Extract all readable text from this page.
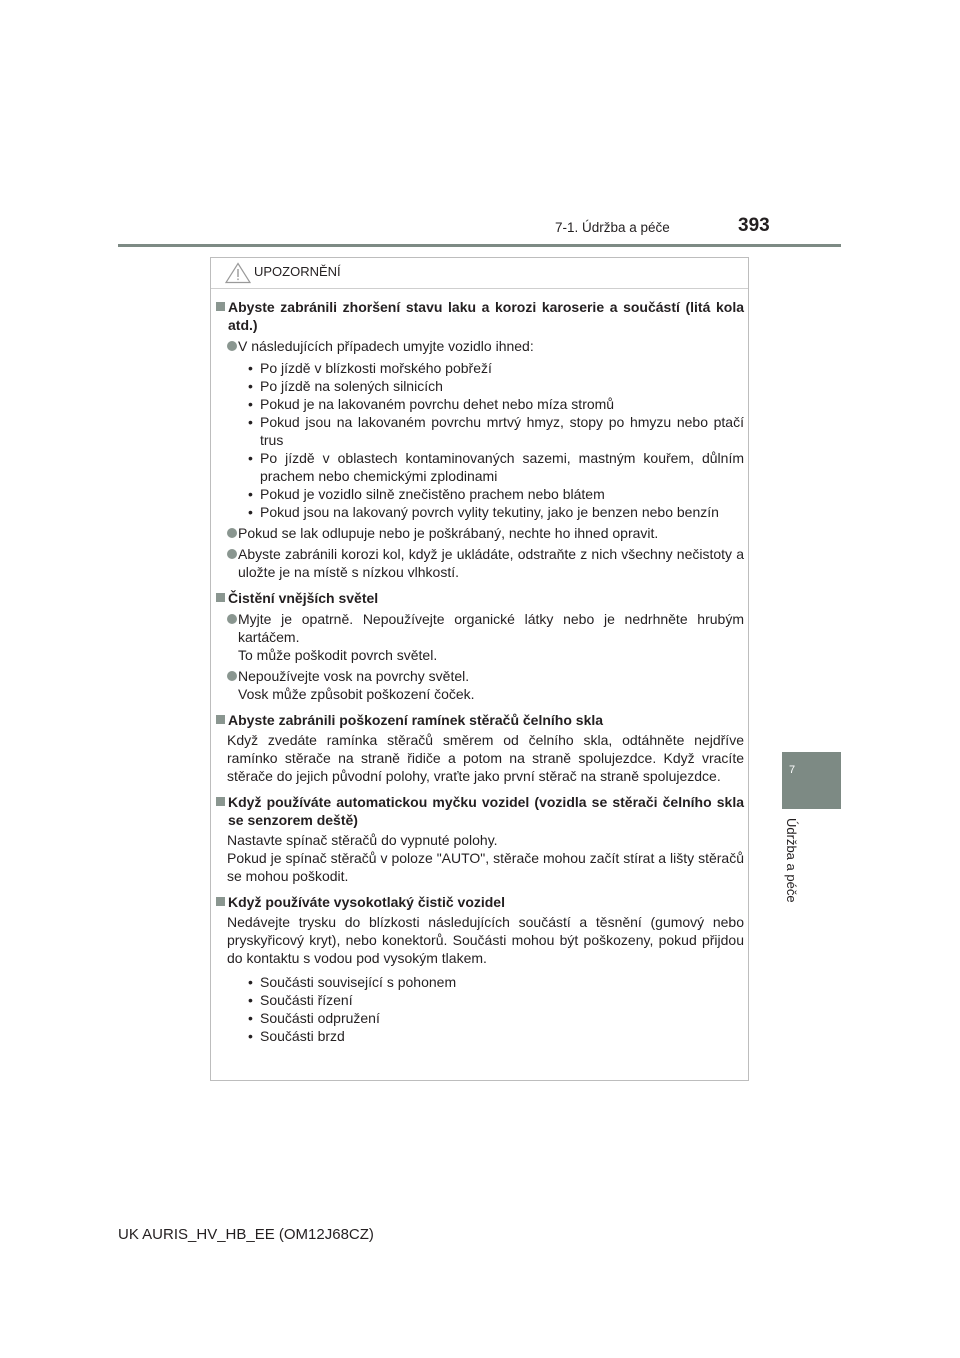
7-1. Údržba a péče	393
7
Údržba a péče
UPOZORNĚNÍ
Abyste zabránili zhoršení stavu laku a korozi karoserie a součástí (litá kola atd.)
V následujících případech umyjte vozidlo ihned:
• Po jízdě v blízkosti mořského pobřeží
• Po jízdě na solených silnicích
• Pokud je na lakovaném povrchu dehet nebo míza stromů
• Pokud jsou na lakovaném povrchu mrtvý hmyz, stopy po hmyzu nebo ptačí trus
• Po jízdě v oblastech kontaminovaných sazemi, mastným kouřem, důlním prachem nebo chemickými zplodinami
• Pokud je vozidlo silně znečistěno prachem nebo blátem
• Pokud jsou na lakovaný povrch vylity tekutiny, jako je benzen nebo benzín
Pokud se lak odlupuje nebo je poškrábaný, nechte ho ihned opravit.
Abyste zabránili korozi kol, když je ukládáte, odstraňte z nich všechny nečistoty a uložte je na místě s nízkou vlhkostí.
Čistění vnějších světel
Myjte je opatrně. Nepoužívejte organické látky nebo je nedrhněte hrubým kartáčem.
To může poškodit povrch světel.
Nepoužívejte vosk na povrchy světel.
Vosk může způsobit poškození čoček.
Abyste zabránili poškození ramínek stěračů čelního skla
Když zvedáte ramínka stěračů směrem od čelního skla, odtáhněte nejdříve ramínko stěrače na straně řidiče a potom na straně spolujezdce. Když vracíte stěrače do jejich původní polohy, vraťte jako první stěrač na straně spolujezdce.
Když používáte automatickou myčku vozidel (vozidla se stěrači čelního skla se senzorem deště)
Nastavte spínač stěračů do vypnuté polohy.
Pokud je spínač stěračů v poloze "AUTO", stěrače mohou začít stírat a lišty stěračů se mohou poškodit.
Když používáte vysokotlaký čistič vozidel
Nedávejte trysku do blízkosti následujících součástí a těsnění (gumový nebo pryskyřicový kryt), nebo konektorů. Součásti mohou být poškozeny, pokud přijdou do kontaktu s vodou pod vysokým tlakem.
• Součásti související s pohonem
• Součásti řízení
• Součásti odpružení
• Součásti brzd
UK AURIS_HV_HB_EE (OM12J68CZ)
